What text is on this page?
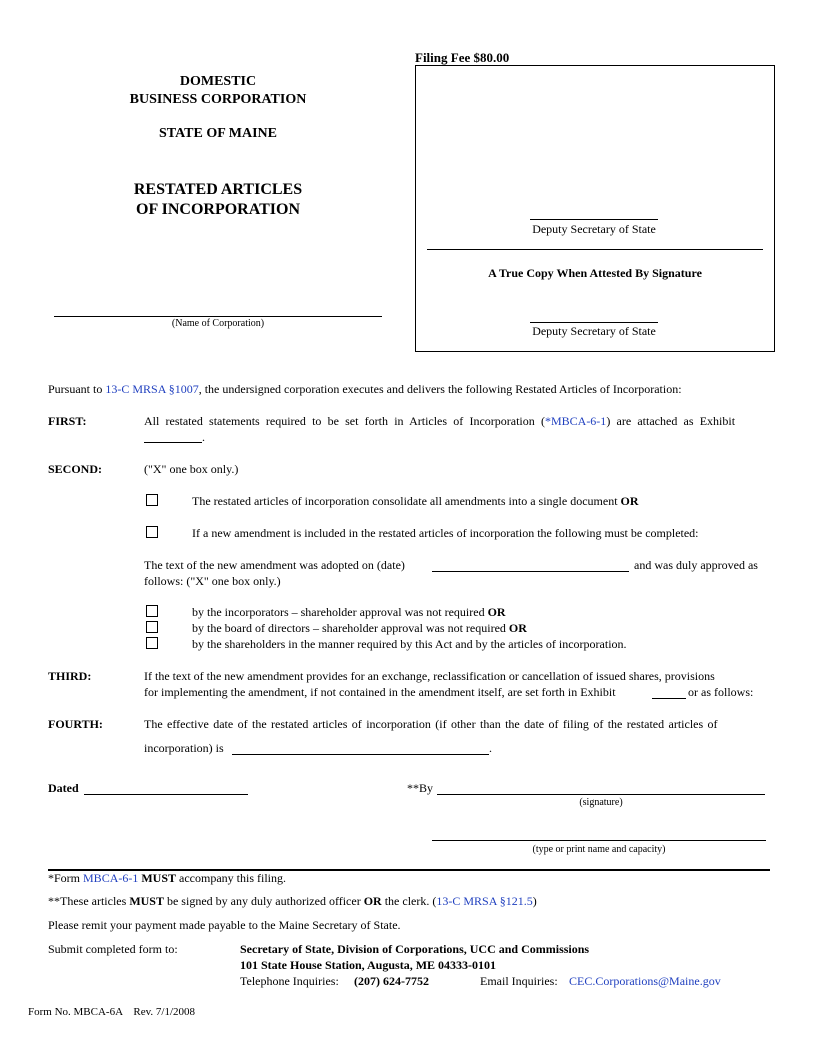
DOMESTIC
BUSINESS CORPORATION
STATE OF MAINE
RESTATED ARTICLES
OF INCORPORATION
(Name of Corporation)
Filing Fee $80.00
Deputy Secretary of State
A True Copy When Attested By Signature
Deputy Secretary of State
Pursuant to 13-C MRSA §1007, the undersigned corporation executes and delivers the following Restated Articles of Incorporation:
FIRST:	All restated statements required to be set forth in Articles of Incorporation (*MBCA-6-1) are attached as Exhibit
.
SECOND:	("X" one box only.)
The restated articles of incorporation consolidate all amendments into a single document OR
If a new amendment is included in the restated articles of incorporation the following must be completed:
The text of the new amendment was adopted on (date)	and was duly approved as
follows: ("X" one box only.)
by the incorporators – shareholder approval was not required OR
by the board of directors – shareholder approval was not required OR
by the shareholders in the manner required by this Act and by the articles of incorporation.
THIRD:	If the text of the new amendment provides for an exchange, reclassification or cancellation of issued shares, provisions
for implementing the amendment, if not contained in the amendment itself, are set forth in Exhibit	or as follows:
FOURTH:	The effective date of the restated articles of incorporation (if other than the date of filing of the restated articles of
incorporation) is	.
Dated	**By
(signature)
(type or print name and capacity)
*Form MBCA-6-1 MUST accompany this filing.
**These articles MUST be signed by any duly authorized officer OR the clerk. (13-C MRSA §121.5)
Please remit your payment made payable to the Maine Secretary of State.
Submit completed form to:	Secretary of State, Division of Corporations, UCC and Commissions
101 State House Station, Augusta, ME 04333-0101
Telephone Inquiries: (207) 624-7752	Email Inquiries: CEC.Corporations@Maine.gov
Form No. MBCA-6A    Rev. 7/1/2008
